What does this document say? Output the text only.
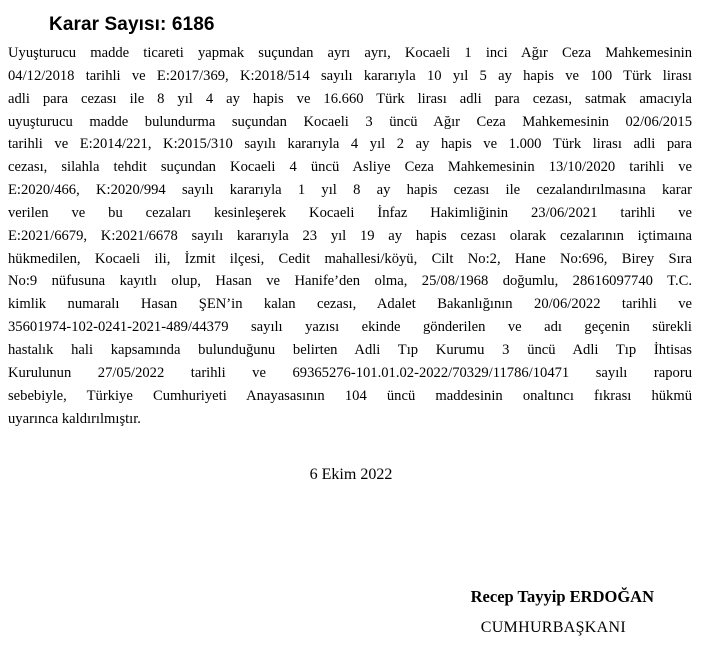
Karar Sayısı: 6186
Uyuşturucu madde ticareti yapmak suçundan ayrı ayrı, Kocaeli 1 inci Ağır Ceza Mahkemesinin
04/12/2018 tarihli ve E:2017/369, K:2018/514 sayılı kararıyla 10 yıl 5 ay hapis ve 100 Türk lirası
adli para cezası ile 8 yıl 4 ay hapis ve 16.660 Türk lirası adli para cezası, satmak amacıyla
uyuşturucu madde bulundurma suçundan Kocaeli 3 üncü Ağır Ceza Mahkemesinin 02/06/2015
tarihli ve E:2014/221, K:2015/310 sayılı kararıyla 4 yıl 2 ay hapis ve 1.000 Türk lirası adli para
cezası, silahla tehdit suçundan Kocaeli 4 üncü Asliye Ceza Mahkemesinin 13/10/2020 tarihli ve
E:2020/466, K:2020/994 sayılı kararıyla 1 yıl 8 ay hapis cezası ile cezalandırılmasına karar
verilen ve bu cezaları kesinleşerek Kocaeli İnfaz Hakimliğinin 23/06/2021 tarihli ve
E:2021/6679, K:2021/6678 sayılı kararıyla 23 yıl 19 ay hapis cezası olarak cezalarının içtimaına
hükmedilen, Kocaeli ili, İzmit ilçesi, Cedit mahallesi/köyü, Cilt No:2, Hane No:696, Birey Sıra
No:9 nüfusuna kayıtlı olup, Hasan ve Hanife’den olma, 25/08/1968 doğumlu, 28616097740 T.C.
kimlik numaralı Hasan ŞEN’in kalan cezası, Adalet Bakanlığının 20/06/2022 tarihli ve
35601974-102-0241-2021-489/44379 sayılı yazısı ekinde gönderilen ve adı geçenin sürekli
hastalık hali kapsamında bulunduğunu belirten Adli Tıp Kurumu 3 üncü Adli Tıp İhtisas
Kurulunun 27/05/2022 tarihli ve 69365276-101.01.02-2022/70329/11786/10471 sayılı raporu
sebebiyle, Türkiye Cumhuriyeti Anayasasının 104 üncü maddesinin onaltıncı fıkrası hükmü
uyarınca kaldırılmıştır.
6 Ekim 2022
Recep Tayyip ERDOĞAN
CUMHURBAŞKANI
